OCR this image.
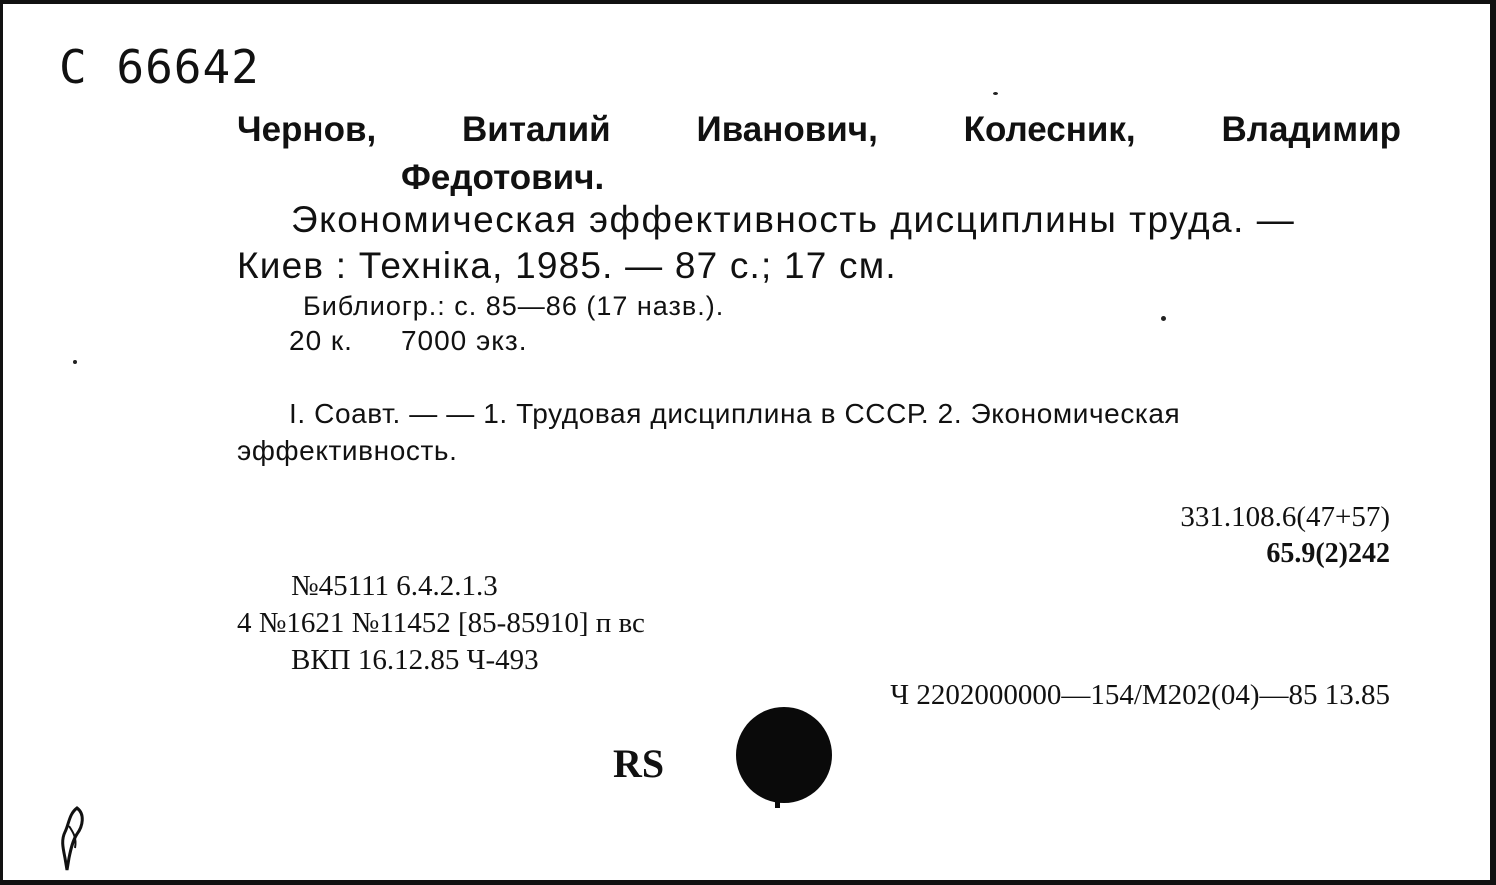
C 66642
Чернов, Виталий Иванович, Колесник, Владимир
Федотович.
Экономическая эффективность дисциплины труда. —
Киев : Техніка, 1985. — 87 с.; 17 см.
Библиогр.: с. 85—86 (17 назв.).
20 к. 7000 экз.
I. Соавт. — — 1. Трудовая дисциплина в СССР. 2. Экономическая
эффективность.
331.108.6(47+57)
65.9(2)242
№45111 6.4.2.1.3
4 №1621 №11452 [85-85910] п вс
ВКП 16.12.85 Ч-493
Ч 2202000000—154/М202(04)—85 13.85
RS
